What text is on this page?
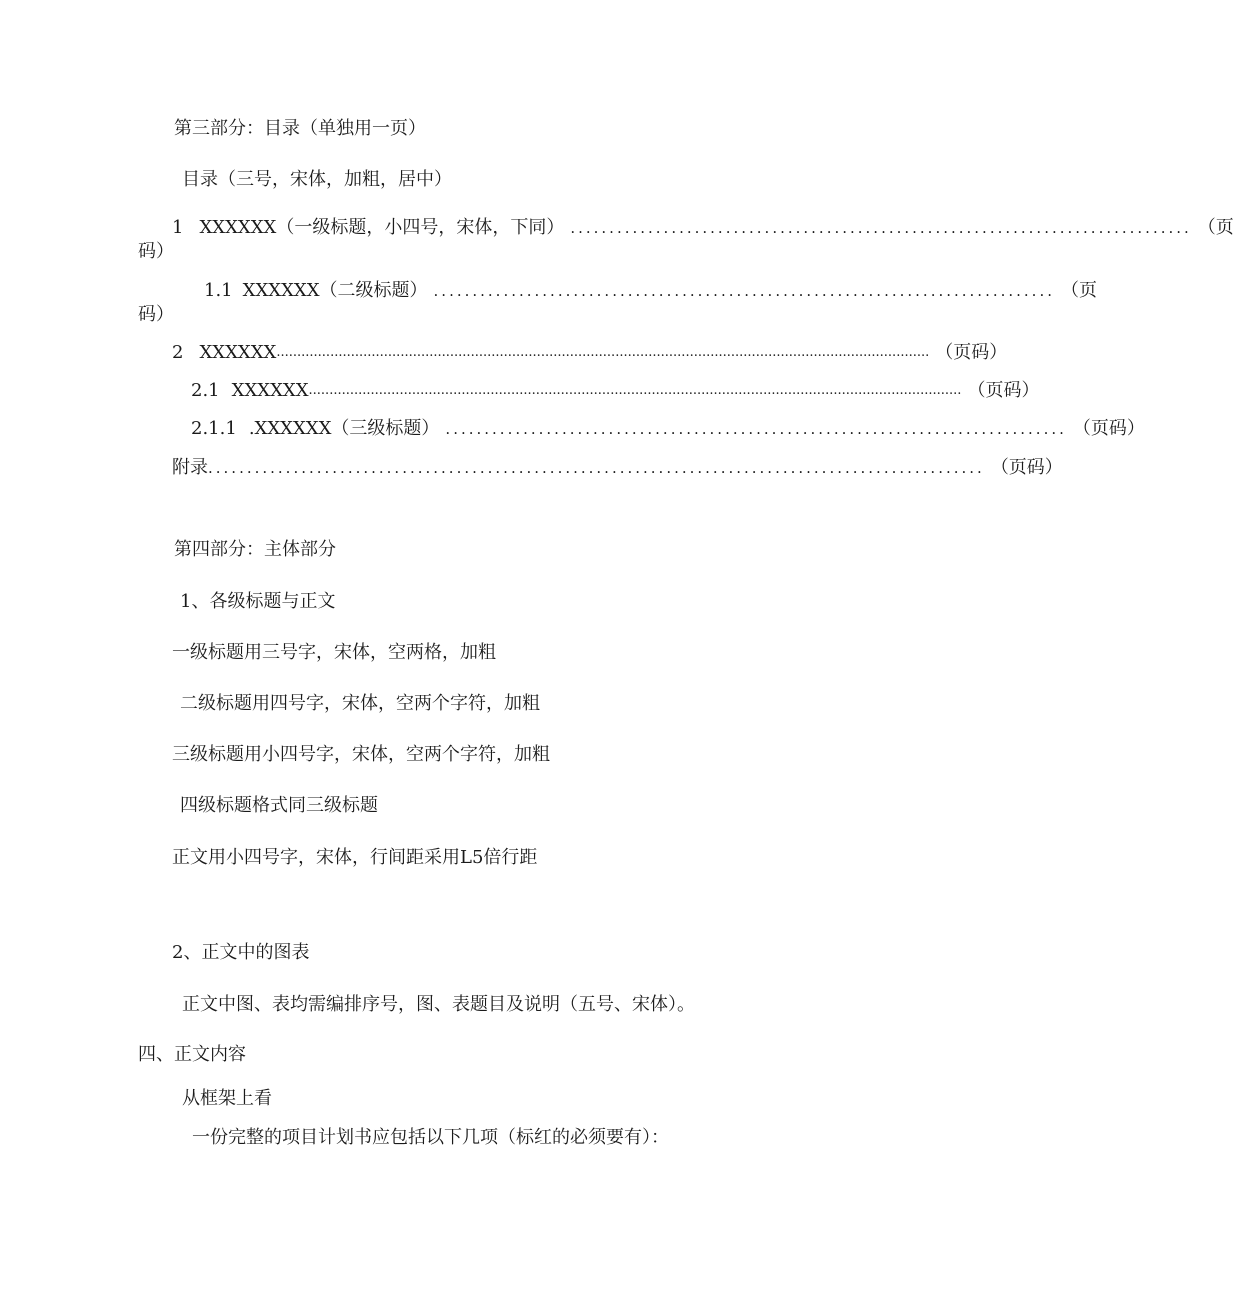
第三部分：目录（单独用一页）
目录（三号，宋体，加粗，居中）
1 XXXXXX（一级标题，小四号，宋体，下同） ................................................................................ （页
码）
1.1 XXXXXX（二级标题） ................................................................................ （页
码）
2 XXXXXX .............................................................................................................................................................. （页码）
2.1 XXXXXX .............................................................................................................................................................. （页码）
2.1.1 .XXXXXX（三级标题） ................................................................................ （页码）
附录 .................................................................................................... （页码）
第四部分：主体部分
1、各级标题与正文
一级标题用三号字，宋体，空两格，加粗
二级标题用四号字，宋体，空两个字符，加粗
三级标题用小四号字，宋体，空两个字符，加粗
四级标题格式同三级标题
正文用小四号字，宋体，行间距采用L5倍行距
2、正文中的图表
正文中图、表均需编排序号，图、表题目及说明（五号、宋体）。
四、正文内容
从框架上看
一份完整的项目计划书应包括以下几项（标红的必须要有）：
